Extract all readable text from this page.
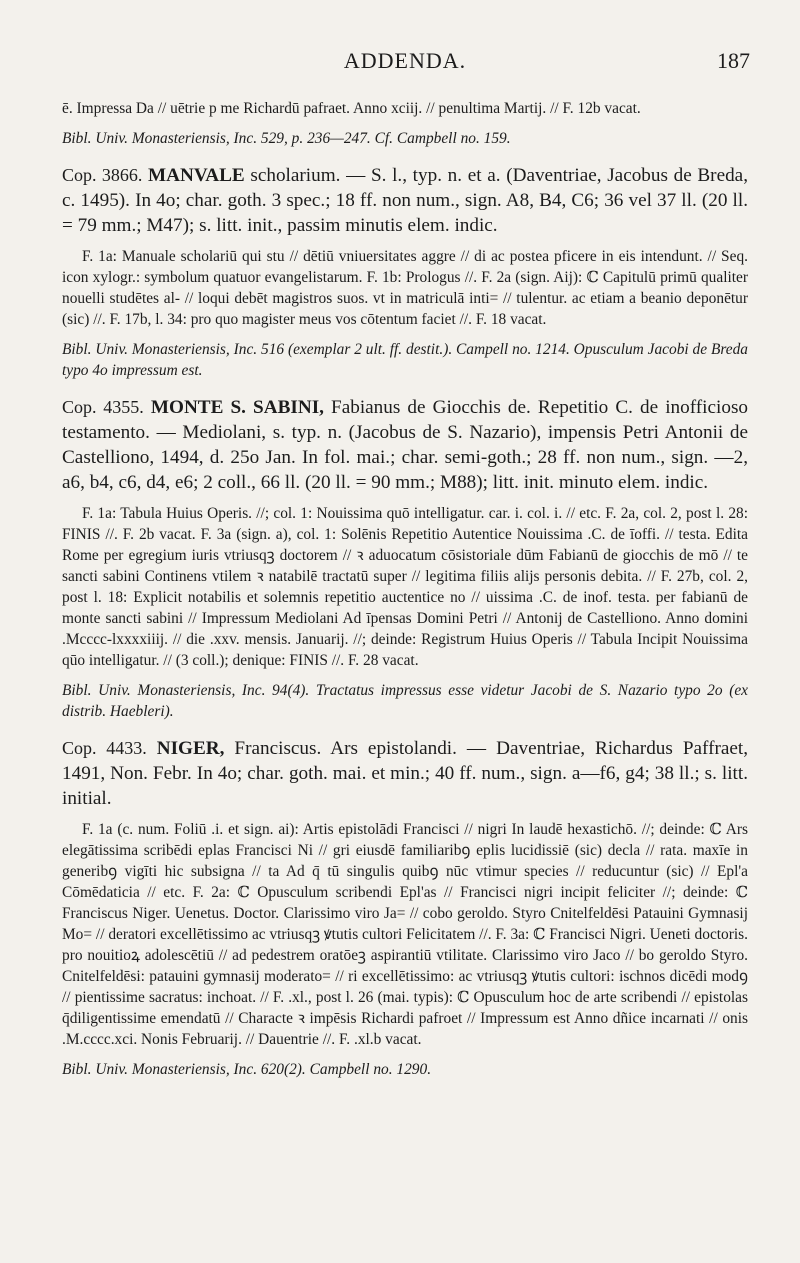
ADDENDA.	187

ē. Impressa Da // uētrie p me Richardū pafraet. Anno xciij. // penultima Martij. // F. 12b vacat.

Bibl. Univ. Monasteriensis, Inc. 529, p. 236—247. Cf. Campbell no. 159.

Cop. 3866. MANVALE scholarium. — S. l., typ. n. et a. (Daventriae, Jacobus de Breda, c. 1495). In 4o; char. goth. 3 spec.; 18 ff. non num., sign. A8, B4, C6; 36 vel 37 ll. (20 ll. = 79 mm.; M47); s. litt. init., passim minutis elem. indic.

F. 1a: Manuale scholariū qui stu // dētiū vniuersitates aggre // di ac postea pficere in eis intendunt. // Seq. icon xylogr.: symbolum quatuor evangelistarum. F. 1b: Prologus //. F. 2a (sign. Aij): ℂ Capitulū primū qualiter nouelli studētes al- // loqui debēt magistros suos. vt in matriculā inti= // tulentur. ac etiam a beanio deponētur (sic) //. F. 17b, l. 34: pro quo magister meus vos cōtentum faciet //. F. 18 vacat.

Bibl. Univ. Monasteriensis, Inc. 516 (exemplar 2 ult. ff. destit.). Campell no. 1214. Opusculum Jacobi de Breda typo 4o impressum est.

Cop. 4355. MONTE S. SABINI, Fabianus de Giocchis de. Repetitio C. de inofficioso testamento. — Mediolani, s. typ. n. (Jacobus de S. Nazario), impensis Petri Antonii de Castelliono, 1494, d. 25o Jan. In fol. mai.; char. semi-goth.; 28 ff. non num., sign. —2, a6, b4, c6, d4, e6; 2 coll., 66 ll. (20 ll. = 90 mm.; M88); litt. init. minuto elem. indic.

F. 1a: Tabula Huius Operis. //; col. 1: Nouissima quō intelligatur. car. i. col. i. // etc. F. 2a, col. 2, post l. 28: FINIS //. F. 2b vacat. F. 3a (sign. a), col. 1: Solēnis Repetitio Autentice Nouissima .C. de īoffi. // testa. Edita Rome per egregium iuris vtriusqꝫ doctorem // ꝛ aduocatum cōsistoriale dūm Fabianū de giocchis de mō // te sancti sabini Continens vtilem ꝛ natabilē tractatū super // legitima filiis alijs personis debita. // F. 27b, col. 2, post l. 18: Explicit notabilis et solemnis repetitio auctentice no // uissima .C. de inof. testa. per fabianū de monte sancti sabini // Impressum Mediolani Ad īpensas Domini Petri // Antonij de Castelliono. Anno domini .Mcccc-lxxxxiiij. // die .xxv. mensis. Januarij. //; deinde: Registrum Huius Operis // Tabula Incipit Nouissima qūo intelligatur. // (3 coll.); denique: FINIS //. F. 28 vacat.

Bibl. Univ. Monasteriensis, Inc. 94(4). Tractatus impressus esse videtur Jacobi de S. Nazario typo 2o (ex distrib. Haebleri).

Cop. 4433. NIGER, Franciscus. Ars epistolandi. — Daventriae, Richardus Paffraet, 1491, Non. Febr. In 4o; char. goth. mai. et min.; 40 ff. num., sign. a—f6, g4; 38 ll.; s. litt. initial.

F. 1a (c. num. Foliū .i. et sign. ai): Artis epistolādi Francisci // nigri In laudē hexastichō. //; deinde: ℂ Ars elegātissima scribēdi eplas Francisci Ni // gri eiusdē familiaribꝯ eplis lucidissiē (sic) decla // rata. maxīe in generibꝯ vigīti hic subsigna // ta Ad q̄ tū singulis quibꝯ nūc vtimur species // reducuntur (sic) // Epl'a Cōmēdaticia // etc. F. 2a: ℂ Opusculum scribendi Epl'as // Francisci nigri incipit feliciter //; deinde: ℂ Franciscus Niger. Uenetus. Doctor. Clarissimo viro Ja= // cobo geroldo. Styro Cnitelfeldēsi Patauini Gymnasij Mo= // deratori excellētissimo ac vtriusqꝫ ꝟtutis cultori Felicitatem //. F. 3a: ℂ Francisci Nigri. Ueneti doctoris. pro nouitioꝝ adolescētiū // ad pedestrem oratōeꝫ aspirantiū vtilitate. Clarissimo viro Jaco // bo geroldo Styro. Cnitelfeldēsi: patauini gymnasij moderato= // ri excellētissimo: ac vtriusqꝫ ꝟtutis cultori: ischnos dicēdi modꝯ // pientissime sacratus: inchoat. // F. .xl., post l. 26 (mai. typis): ℂ Opusculum hoc de arte scribendi // epistolas q̄diligentissime emendatū // Characte ꝛ impēsis Richardi pafroet // Impressum est Anno dñice incarnati // onis .M.cccc.xci. Nonis Februarij. // Dauentrie //. F. .xl.b vacat.

Bibl. Univ. Monasteriensis, Inc. 620(2). Campbell no. 1290.
